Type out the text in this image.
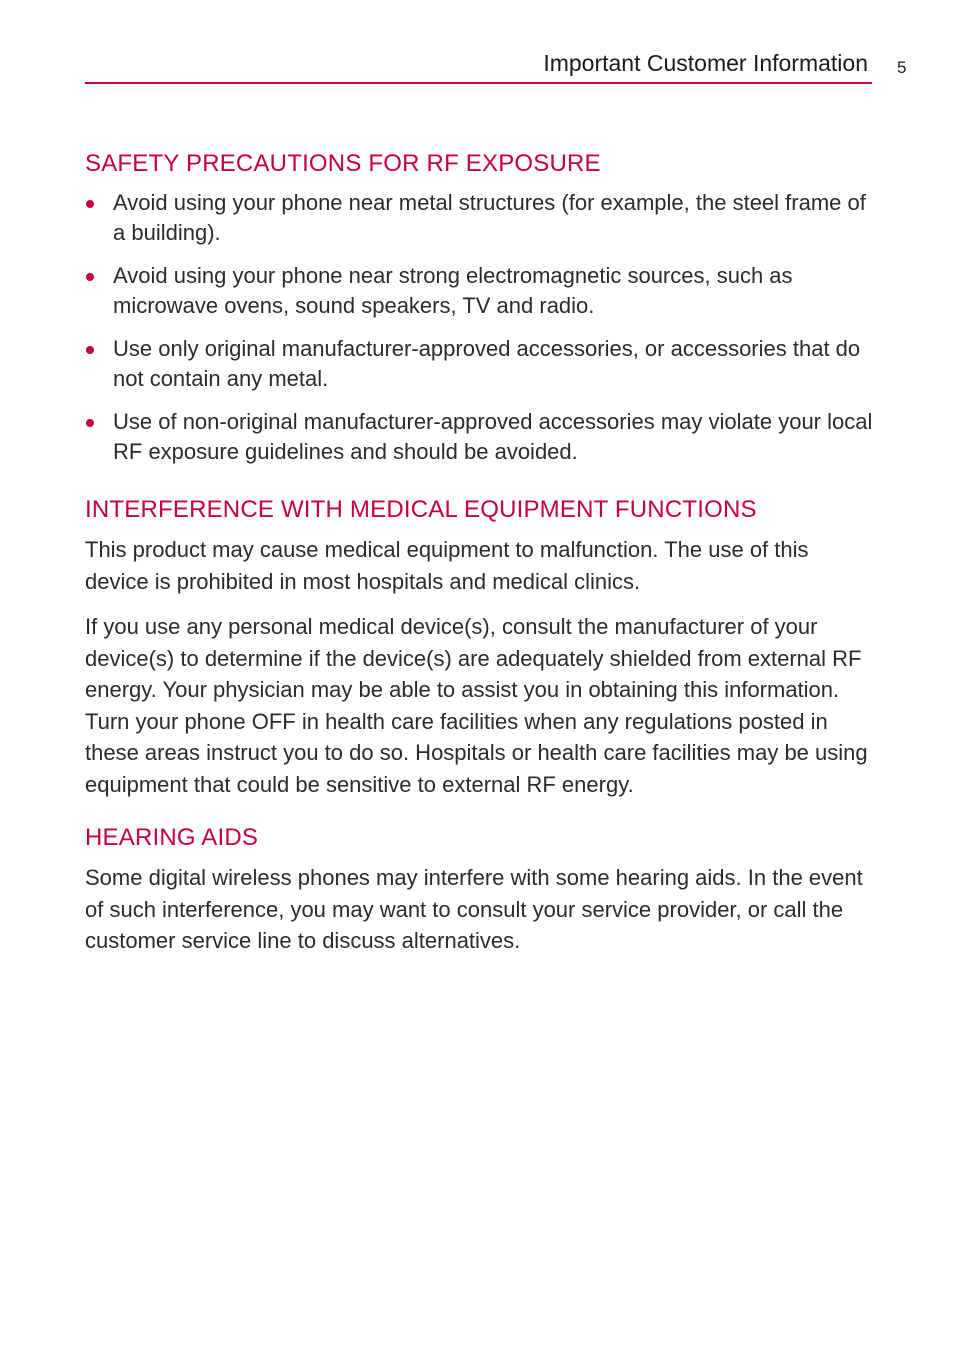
Important Customer Information 5
SAFETY PRECAUTIONS FOR RF EXPOSURE
Avoid using your phone near metal structures (for example, the steel frame of a building).
Avoid using your phone near strong electromagnetic sources, such as microwave ovens, sound speakers, TV and radio.
Use only original manufacturer-approved accessories, or accessories that do not contain any metal.
Use of non-original manufacturer-approved accessories may violate your local RF exposure guidelines and should be avoided.
INTERFERENCE WITH MEDICAL EQUIPMENT FUNCTIONS

This product may cause medical equipment to malfunction. The use of this device is prohibited in most hospitals and medical clinics.

If you use any personal medical device(s), consult the manufacturer of your device(s) to determine if the device(s) are adequately shielded from external RF energy. Your physician may be able to assist you in obtaining this information. Turn your phone OFF in health care facilities when any regulations posted in these areas instruct you to do so. Hospitals or health care facilities may be using equipment that could be sensitive to external RF energy.

HEARING AIDS

Some digital wireless phones may interfere with some hearing aids. In the event of such interference, you may want to consult your service provider, or call the customer service line to discuss alternatives.
